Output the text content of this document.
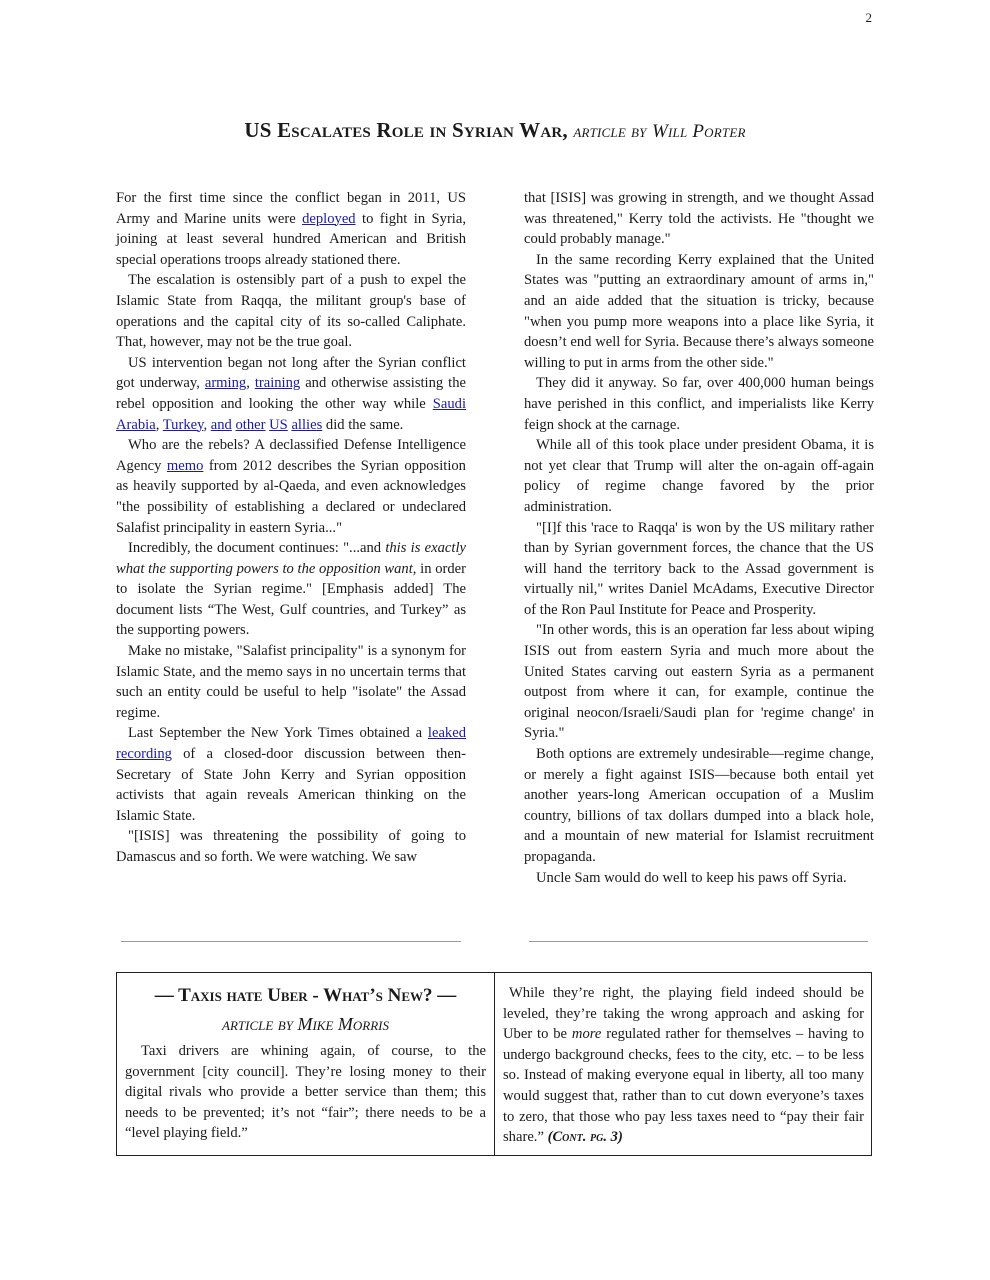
2
US Escalates Role in Syrian War, article by Will Porter

For the first time since the conflict began in 2011, US Army and Marine units were deployed to fight in Syria, joining at least several hundred American and British special operations troops already stationed there.

The escalation is ostensibly part of a push to expel the Islamic State from Raqqa, the militant group's base of operations and the capital city of its so-called Caliphate. That, however, may not be the true goal.

US intervention began not long after the Syrian conflict got underway, arming, training and otherwise assisting the rebel opposition and looking the other way while Saudi Arabia, Turkey, and other US allies did the same.

Who are the rebels? A declassified Defense Intelligence Agency memo from 2012 describes the Syrian opposition as heavily supported by al-Qaeda, and even acknowledges "the possibility of establishing a declared or undeclared Salafist principality in eastern Syria..."

Incredibly, the document continues: "...and this is exactly what the supporting powers to the opposition want, in order to isolate the Syrian regime." [Emphasis added] The document lists “The West, Gulf countries, and Turkey” as the supporting powers.

Make no mistake, "Salafist principality" is a synonym for Islamic State, and the memo says in no uncertain terms that such an entity could be useful to help "isolate" the Assad regime.

Last September the New York Times obtained a leaked recording of a closed-door discussion between then-Secretary of State John Kerry and Syrian opposition activists that again reveals American thinking on the Islamic State.

"[ISIS] was threatening the possibility of going to Damascus and so forth. We were watching. We saw

that [ISIS] was growing in strength, and we thought Assad was threatened," Kerry told the activists. He "thought we could probably manage."

In the same recording Kerry explained that the United States was "putting an extraordinary amount of arms in," and an aide added that the situation is tricky, because "when you pump more weapons into a place like Syria, it doesn’t end well for Syria. Because there’s always someone willing to put in arms from the other side."

They did it anyway. So far, over 400,000 human beings have perished in this conflict, and imperialists like Kerry feign shock at the carnage.

While all of this took place under president Obama, it is not yet clear that Trump will alter the on-again off-again policy of regime change favored by the prior administration.

"[I]f this 'race to Raqqa' is won by the US military rather than by Syrian government forces, the chance that the US will hand the territory back to the Assad government is virtually nil," writes Daniel McAdams, Executive Director of the Ron Paul Institute for Peace and Prosperity.

"In other words, this is an operation far less about wiping ISIS out from eastern Syria and much more about the United States carving out eastern Syria as a permanent outpost from where it can, for example, continue the original neocon/Israeli/Saudi plan for 'regime change' in Syria."

Both options are extremely undesirable—regime change, or merely a fight against ISIS—because both entail yet another years-long American occupation of a Muslim country, billions of tax dollars dumped into a black hole, and a mountain of new material for Islamist recruitment propaganda.

Uncle Sam would do well to keep his paws off Syria.

— Taxis hate Uber - What’s New? —
article by Mike Morris

Taxi drivers are whining again, of course, to the government [city council]. They’re losing money to their digital rivals who provide a better service than them; this needs to be prevented; it’s not “fair”; there needs to be a “level playing field.”

While they’re right, the playing field indeed should be leveled, they’re taking the wrong approach and asking for Uber to be more regulated rather for themselves – having to undergo background checks, fees to the city, etc. – to be less so. Instead of making everyone equal in liberty, all too many would suggest that, rather than to cut down everyone’s taxes to zero, that those who pay less taxes need to “pay their fair share.” (Cont. pg. 3)
